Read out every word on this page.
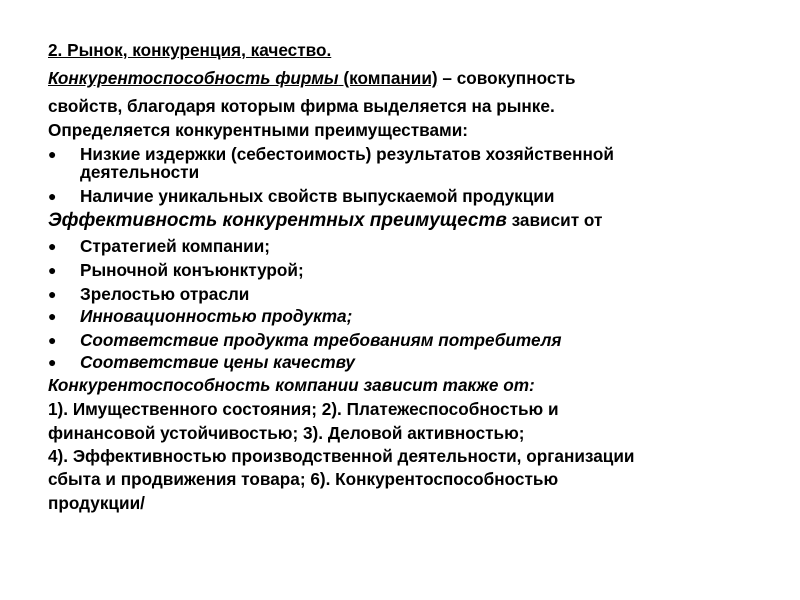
2. Рынок, конкуренция, качество.
Конкурентоспособность фирмы (компании) – совокупность
свойств, благодаря которым фирма выделяется на рынке.
Определяется конкурентными преимуществами:
●	Низкие издержки (себестоимость) результатов хозяйственной
деятельности
●	Наличие уникальных свойств выпускаемой продукции
Эффективность конкурентных преимуществ зависит от
●	Стратегией компании;
●	Рыночной конъюнктурой;
●	Зрелостью отрасли
●	Инновационностью продукта;
●	Соответствие продукта требованиям потребителя
●	Соответствие цены качеству
Конкурентоспособность компании зависит также от:
1). Имущественного состояния; 2). Платежеспособностью и
финансовой устойчивостью; 3). Деловой активностью;
4). Эффективностью производственной деятельности, организации
сбыта и продвижения товара; 6). Конкурентоспособностью
продукции/
